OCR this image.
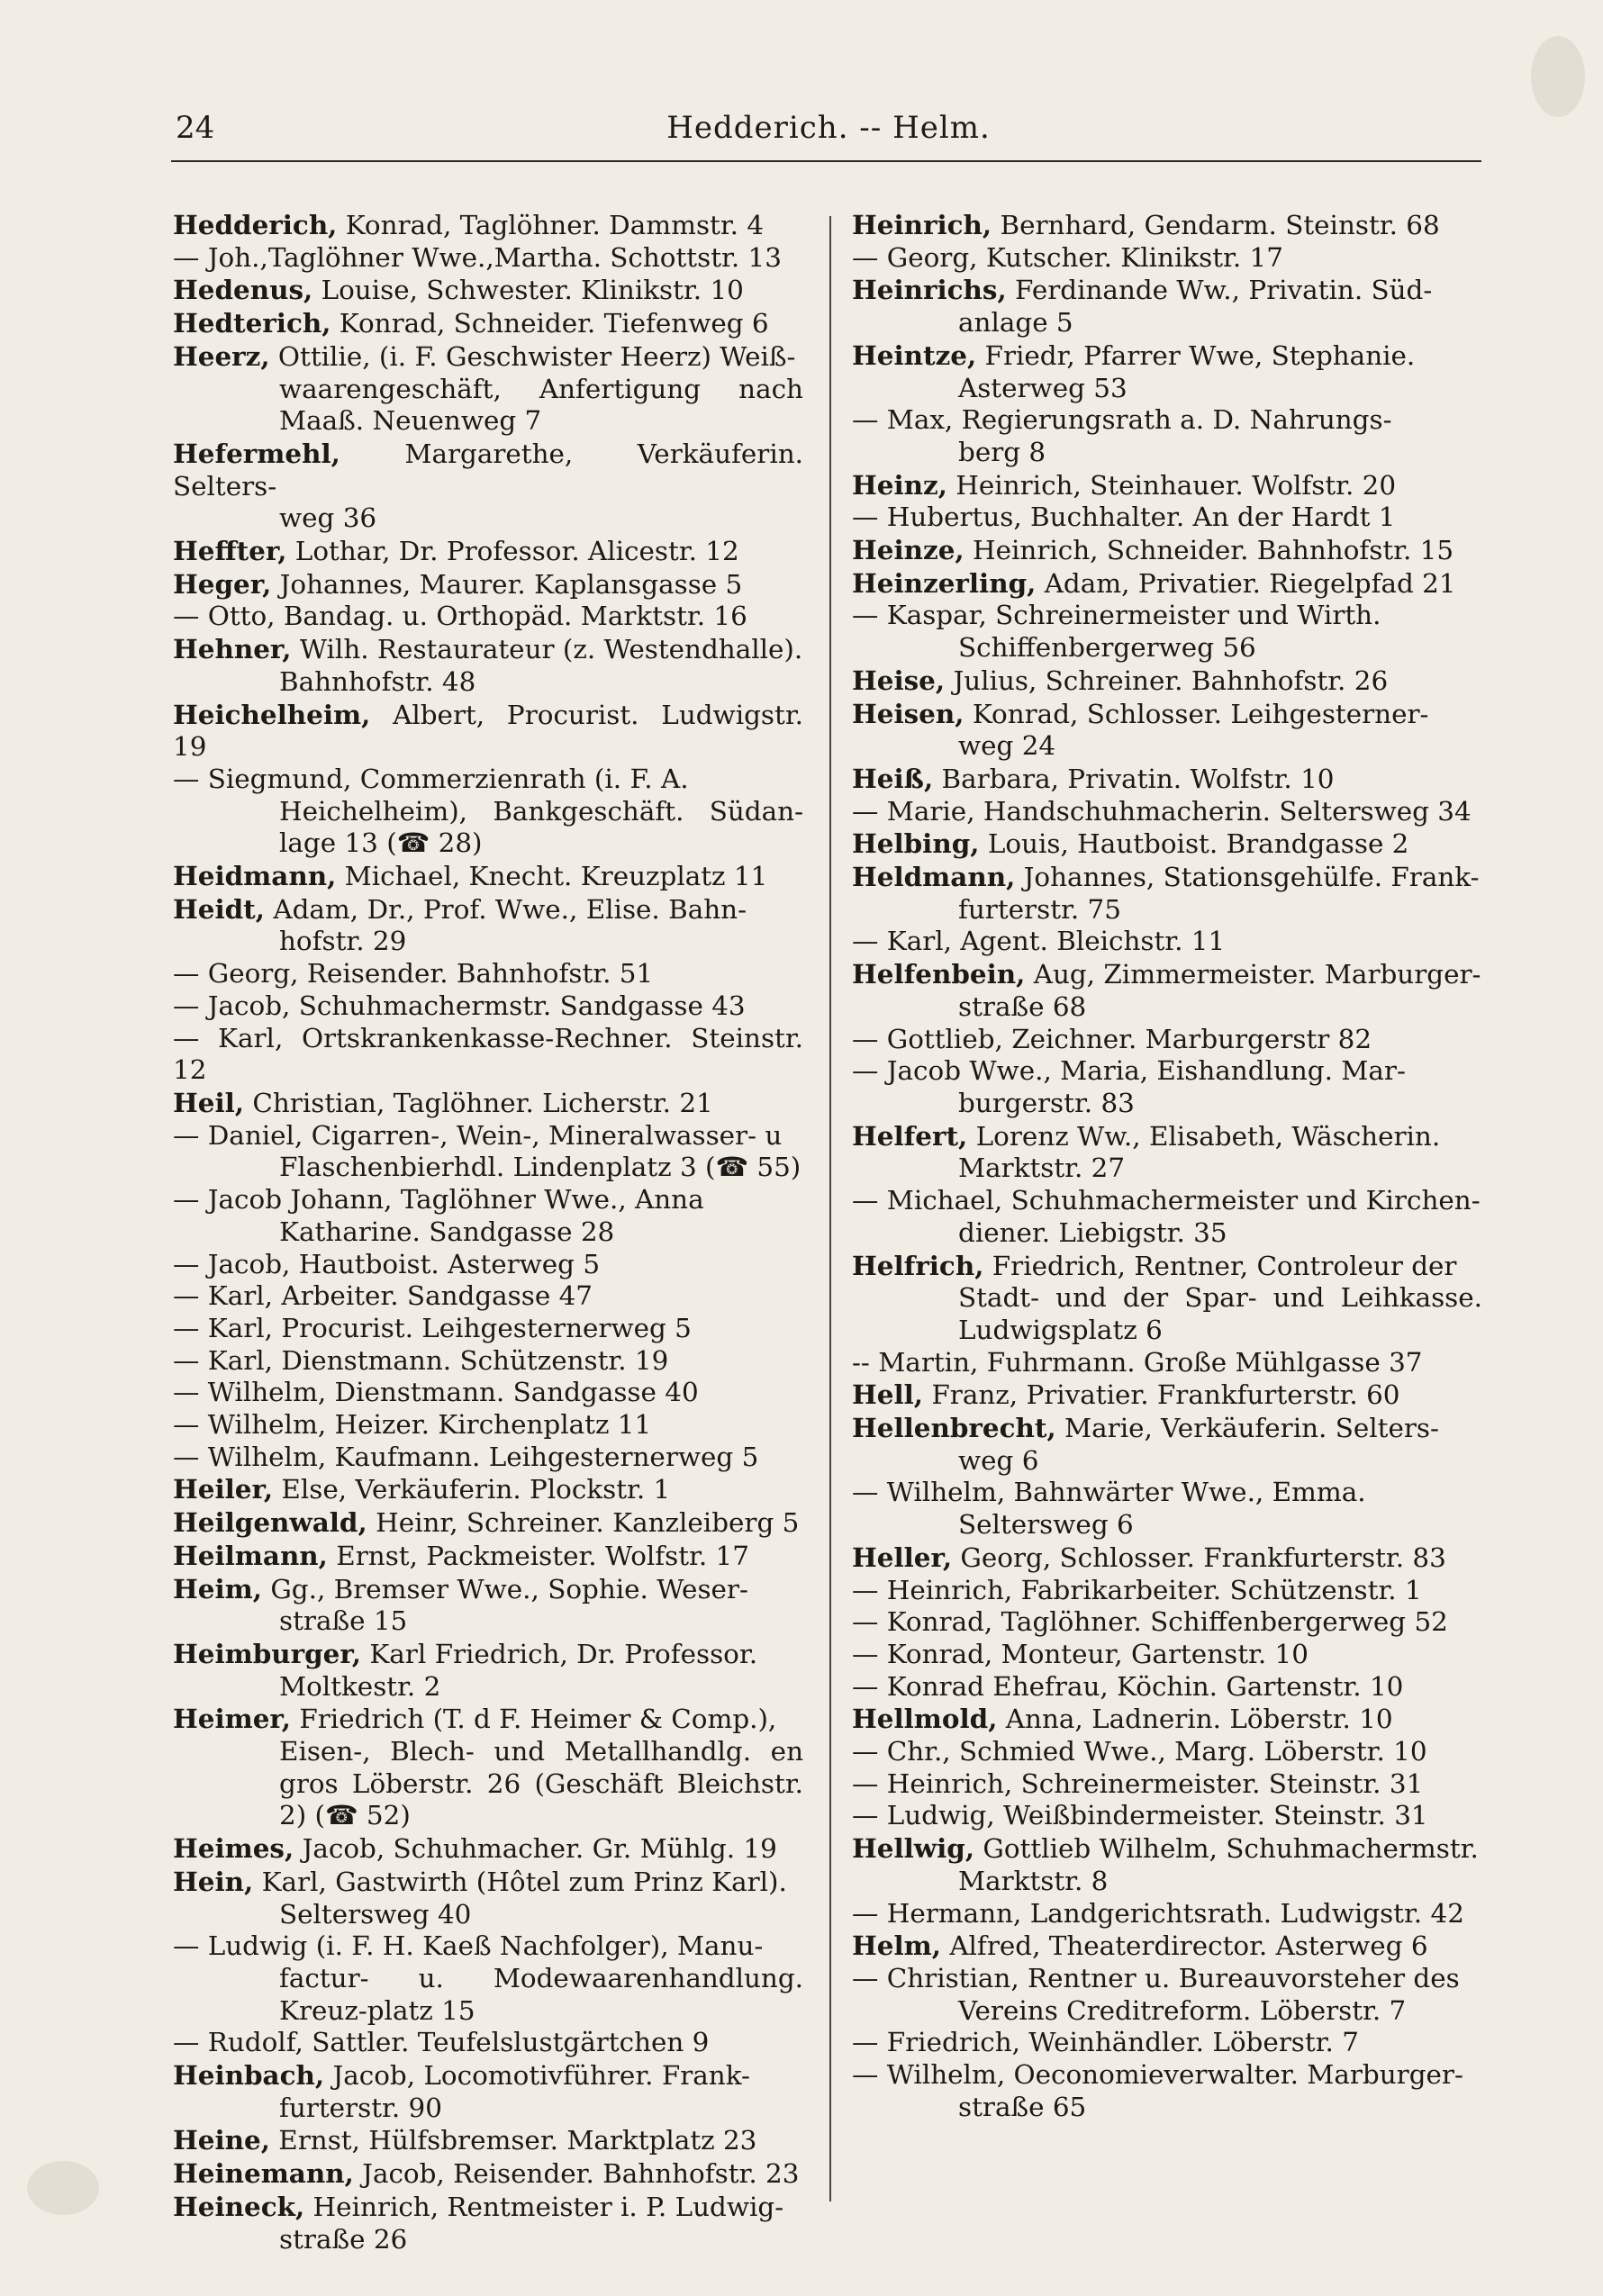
24	Hedderich. -- Helm.

Hedderich, Konrad, Taglöhner. Dammstr. 4

— Joh.,Taglöhner Wwe.,Martha. Schottstr. 13

Hedenus, Louise, Schwester. Klinikstr. 10

Hedterich, Konrad, Schneider. Tiefenweg 6

Heerz, Ottilie, (i. F. Geschwister Heerz) Weiß-
waarengeschäft, Anfertigung nach Maaß. Neuenweg 7

Hefermehl, Margarethe, Verkäuferin. Selters-
weg 36

Heffter, Lothar, Dr. Professor. Alicestr. 12

Heger, Johannes, Maurer. Kaplansgasse 5

— Otto, Bandag. u. Orthopäd. Marktstr. 16

Hehner, Wilh. Restaurateur (z. Westendhalle).
Bahnhofstr. 48

Heichelheim, Albert, Procurist. Ludwigstr. 19

— Siegmund, Commerzienrath (i. F. A.
Heichelheim), Bankgeschäft. Südan-lage 13 (☎ 28)

Heidmann, Michael, Knecht. Kreuzplatz 11

Heidt, Adam, Dr., Prof. Wwe., Elise. Bahn-
hofstr. 29

— Georg, Reisender. Bahnhofstr. 51

— Jacob, Schuhmachermstr. Sandgasse 43

— Karl, Ortskrankenkasse-Rechner. Steinstr. 12

Heil, Christian, Taglöhner. Licherstr. 21

— Daniel, Cigarren-, Wein-, Mineralwasser- u
Flaschenbierhdl. Lindenplatz 3 (☎ 55)

— Jacob Johann, Taglöhner Wwe., Anna
Katharine. Sandgasse 28

— Jacob, Hautboist. Asterweg 5

— Karl, Arbeiter. Sandgasse 47

— Karl, Procurist. Leihgesternerweg 5

— Karl, Dienstmann. Schützenstr. 19

— Wilhelm, Dienstmann. Sandgasse 40

— Wilhelm, Heizer. Kirchenplatz 11

— Wilhelm, Kaufmann. Leihgesternerweg 5

Heiler, Else, Verkäuferin. Plockstr. 1

Heilgenwald, Heinr, Schreiner. Kanzleiberg 5

Heilmann, Ernst, Packmeister. Wolfstr. 17

Heim, Gg., Bremser Wwe., Sophie. Weser-
straße 15

Heimburger, Karl Friedrich, Dr. Professor.
Moltkestr. 2

Heimer, Friedrich (T. d F. Heimer & Comp.),
Eisen-, Blech- und Metallhandlg. en gros Löberstr. 26 (Geschäft Bleichstr. 2) (☎ 52)

Heimes, Jacob, Schuhmacher. Gr. Mühlg. 19

Hein, Karl, Gastwirth (Hôtel zum Prinz Karl).
Seltersweg 40

— Ludwig (i. F. H. Kaeß Nachfolger), Manu-
factur- u. Modewaarenhandlung. Kreuz-platz 15

— Rudolf, Sattler. Teufelslustgärtchen 9

Heinbach, Jacob, Locomotivführer. Frank-
furterstr. 90

Heine, Ernst, Hülfsbremser. Marktplatz 23

Heinemann, Jacob, Reisender. Bahnhofstr. 23

Heineck, Heinrich, Rentmeister i. P. Ludwig-
straße 26

Heinrich, Bernhard, Gendarm. Steinstr. 68

— Georg, Kutscher. Klinikstr. 17

Heinrichs, Ferdinande Ww., Privatin. Süd-
anlage 5

Heintze, Friedr, Pfarrer Wwe, Stephanie.
Asterweg 53

— Max, Regierungsrath a. D. Nahrungs-
berg 8

Heinz, Heinrich, Steinhauer. Wolfstr. 20

— Hubertus, Buchhalter. An der Hardt 1

Heinze, Heinrich, Schneider. Bahnhofstr. 15

Heinzerling, Adam, Privatier. Riegelpfad 21

— Kaspar, Schreinermeister und Wirth.
Schiffenbergerweg 56

Heise, Julius, Schreiner. Bahnhofstr. 26

Heisen, Konrad, Schlosser. Leihgesterner-
weg 24

Heiß, Barbara, Privatin. Wolfstr. 10

— Marie, Handschuhmacherin. Seltersweg 34

Helbing, Louis, Hautboist. Brandgasse 2

Heldmann, Johannes, Stationsgehülfe. Frank-
furterstr. 75

— Karl, Agent. Bleichstr. 11

Helfenbein, Aug, Zimmermeister. Marburger-
straße 68

— Gottlieb, Zeichner. Marburgerstr 82

— Jacob Wwe., Maria, Eishandlung. Mar-
burgerstr. 83

Helfert, Lorenz Ww., Elisabeth, Wäscherin.
Marktstr. 27

— Michael, Schuhmachermeister und Kirchen-
diener. Liebigstr. 35

Helfrich, Friedrich, Rentner, Controleur der
Stadt- und der Spar- und Leihkasse. Ludwigsplatz 6

-- Martin, Fuhrmann. Große Mühlgasse 37

Hell, Franz, Privatier. Frankfurterstr. 60

Hellenbrecht, Marie, Verkäuferin. Selters-
weg 6

— Wilhelm, Bahnwärter Wwe., Emma.
Seltersweg 6

Heller, Georg, Schlosser. Frankfurterstr. 83

— Heinrich, Fabrikarbeiter. Schützenstr. 1

— Konrad, Taglöhner. Schiffenbergerweg 52

— Konrad, Monteur, Gartenstr. 10

— Konrad Ehefrau, Köchin. Gartenstr. 10

Hellmold, Anna, Ladnerin. Löberstr. 10

— Chr., Schmied Wwe., Marg. Löberstr. 10

— Heinrich, Schreinermeister. Steinstr. 31

— Ludwig, Weißbindermeister. Steinstr. 31

Hellwig, Gottlieb Wilhelm, Schuhmachermstr.
Marktstr. 8

— Hermann, Landgerichtsrath. Ludwigstr. 42

Helm, Alfred, Theaterdirector. Asterweg 6

— Christian, Rentner u. Bureauvorsteher des
Vereins Creditreform. Löberstr. 7

— Friedrich, Weinhändler. Löberstr. 7

— Wilhelm, Oeconomieverwalter. Marburger-
straße 65
